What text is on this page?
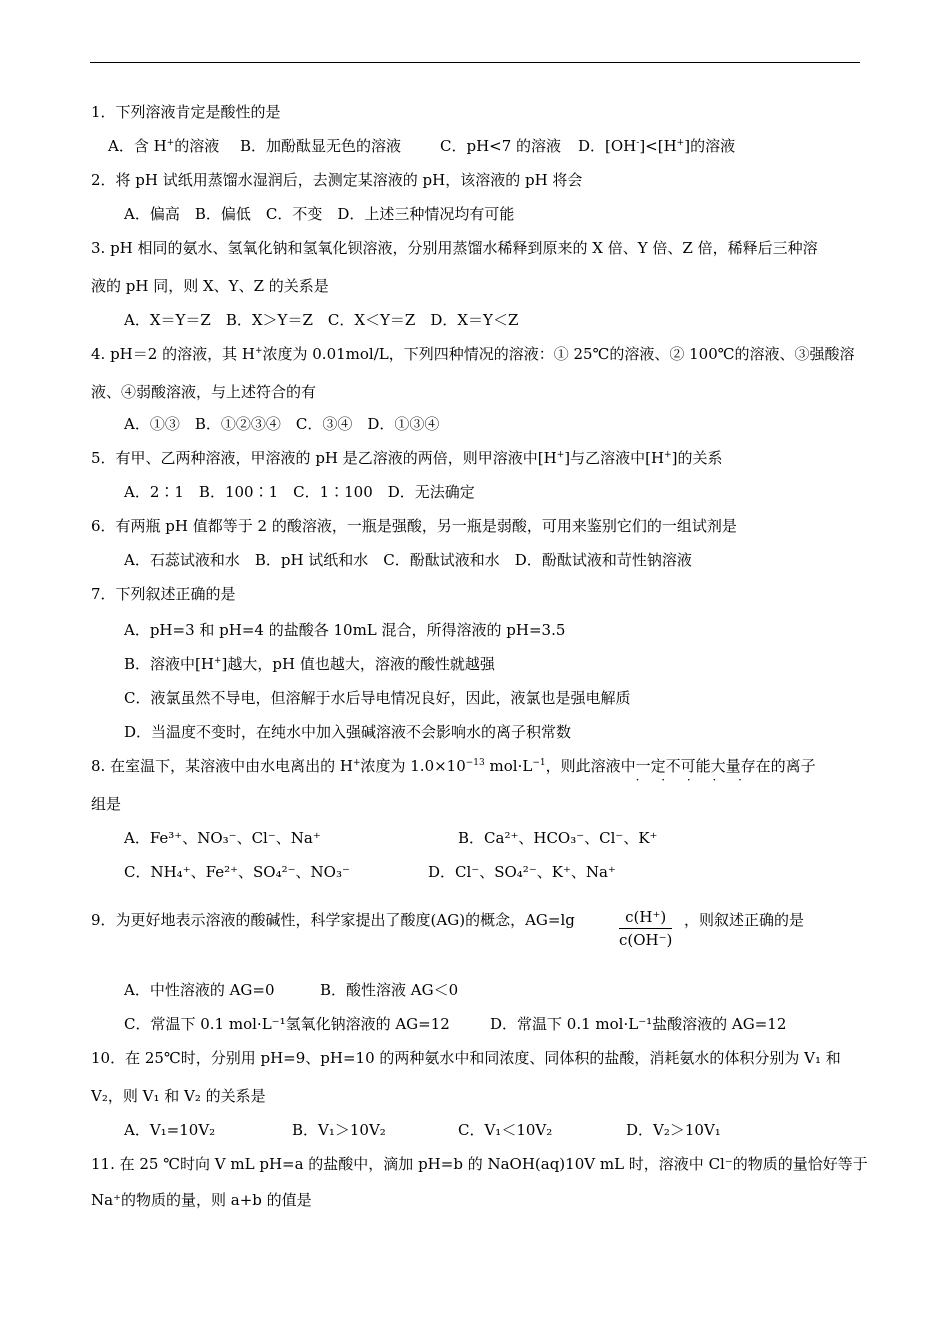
1．下列溶液肯定是酸性的是
A．含 H+的溶液 B．加酚酞显无色的溶液	C．pH<7 的溶液 D．[OH-]<[H+]的溶液
2．将 pH 试纸用蒸馏水湿润后，去测定某溶液的 pH，该溶液的 pH 将会
A．偏高　B．偏低　C．不变　D．上述三种情况均有可能
3. pH 相同的氨水、氢氧化钠和氢氧化钡溶液，分别用蒸馏水稀释到原来的 X 倍、Y 倍、Z 倍，稀释后三种溶
液的 pH 同，则 X、Y、Z 的关系是
A．X＝Y＝Z　B．X＞Y＝Z　C．X＜Y＝Z　D．X＝Y＜Z
4. pH＝2 的溶液，其 H+浓度为 0.01mol/L，下列四种情况的溶液：① 25℃的溶液、② 100℃的溶液、③强酸溶
液、④弱酸溶液，与上述符合的有
A．①③　B．①②③④　C．③④　D．①③④
5．有甲、乙两种溶液，甲溶液的 pH 是乙溶液的两倍，则甲溶液中[H+]与乙溶液中[H+]的关系
A．2∶1　B．100∶1　C．1∶100　D．无法确定
6．有两瓶 pH 值都等于 2 的酸溶液，一瓶是强酸，另一瓶是弱酸，可用来鉴别它们的一组试剂是
A．石蕊试液和水　B．pH 试纸和水　C．酚酞试液和水　D．酚酞试液和苛性钠溶液
7．下列叙述正确的是
A．pH=3 和 pH=4 的盐酸各 10mL 混合，所得溶液的 pH=3.5
B．溶液中[H+]越大，pH 值也越大，溶液的酸性就越强
C．液氯虽然不导电，但溶解于水后导电情况良好，因此，液氯也是强电解质
D．当温度不变时，在纯水中加入强碱溶液不会影响水的离子积常数
8. 在室温下，某溶液中由水电离出的 H+浓度为 $1.0\times 10^{-13}$ $mol\cdot L^{-1}$，则此溶液中一定不可能
· · · · ·
大量存在的离子
组是
A．Fe³⁺、NO₃⁻、Cl⁻、Na⁺	B．Ca²⁺、HCO₃⁻、Cl⁻、K⁺
C．NH₄⁺、Fe²⁺、SO₄²⁻、NO₃⁻	D．Cl⁻、SO₄²⁻、K⁺、Na⁺
9．为更好地表示溶液的酸碱性，科学家提出了酸度(AG)的概念，AG=lg	$\frac{c(H^+)}{c(OH^-)}$ ，则叙述正确的是
A．中性溶液的 AG=0	B．酸性溶液 AG＜0
C．常温下 0.1 mol·L⁻¹氢氧化钠溶液的 AG=12	D．常温下 0.1 mol·L⁻¹盐酸溶液的 AG=12
10．在 25℃时，分别用 pH=9、pH=10 的两种氨水中和同浓度、同体积的盐酸，消耗氨水的体积分别为 V₁ 和
V₂，则 V₁ 和 V₂ 的关系是
A．V₁=10V₂	B．V₁＞10V₂	C．V₁＜10V₂	D．V₂＞10V₁
11. 在 25 ℃时向 V mL pH=a 的盐酸中，滴加 pH=b 的 NaOH(aq)10V mL 时，溶液中 Cl⁻的物质的量恰好等于
Na⁺的物质的量，则 a+b 的值是
